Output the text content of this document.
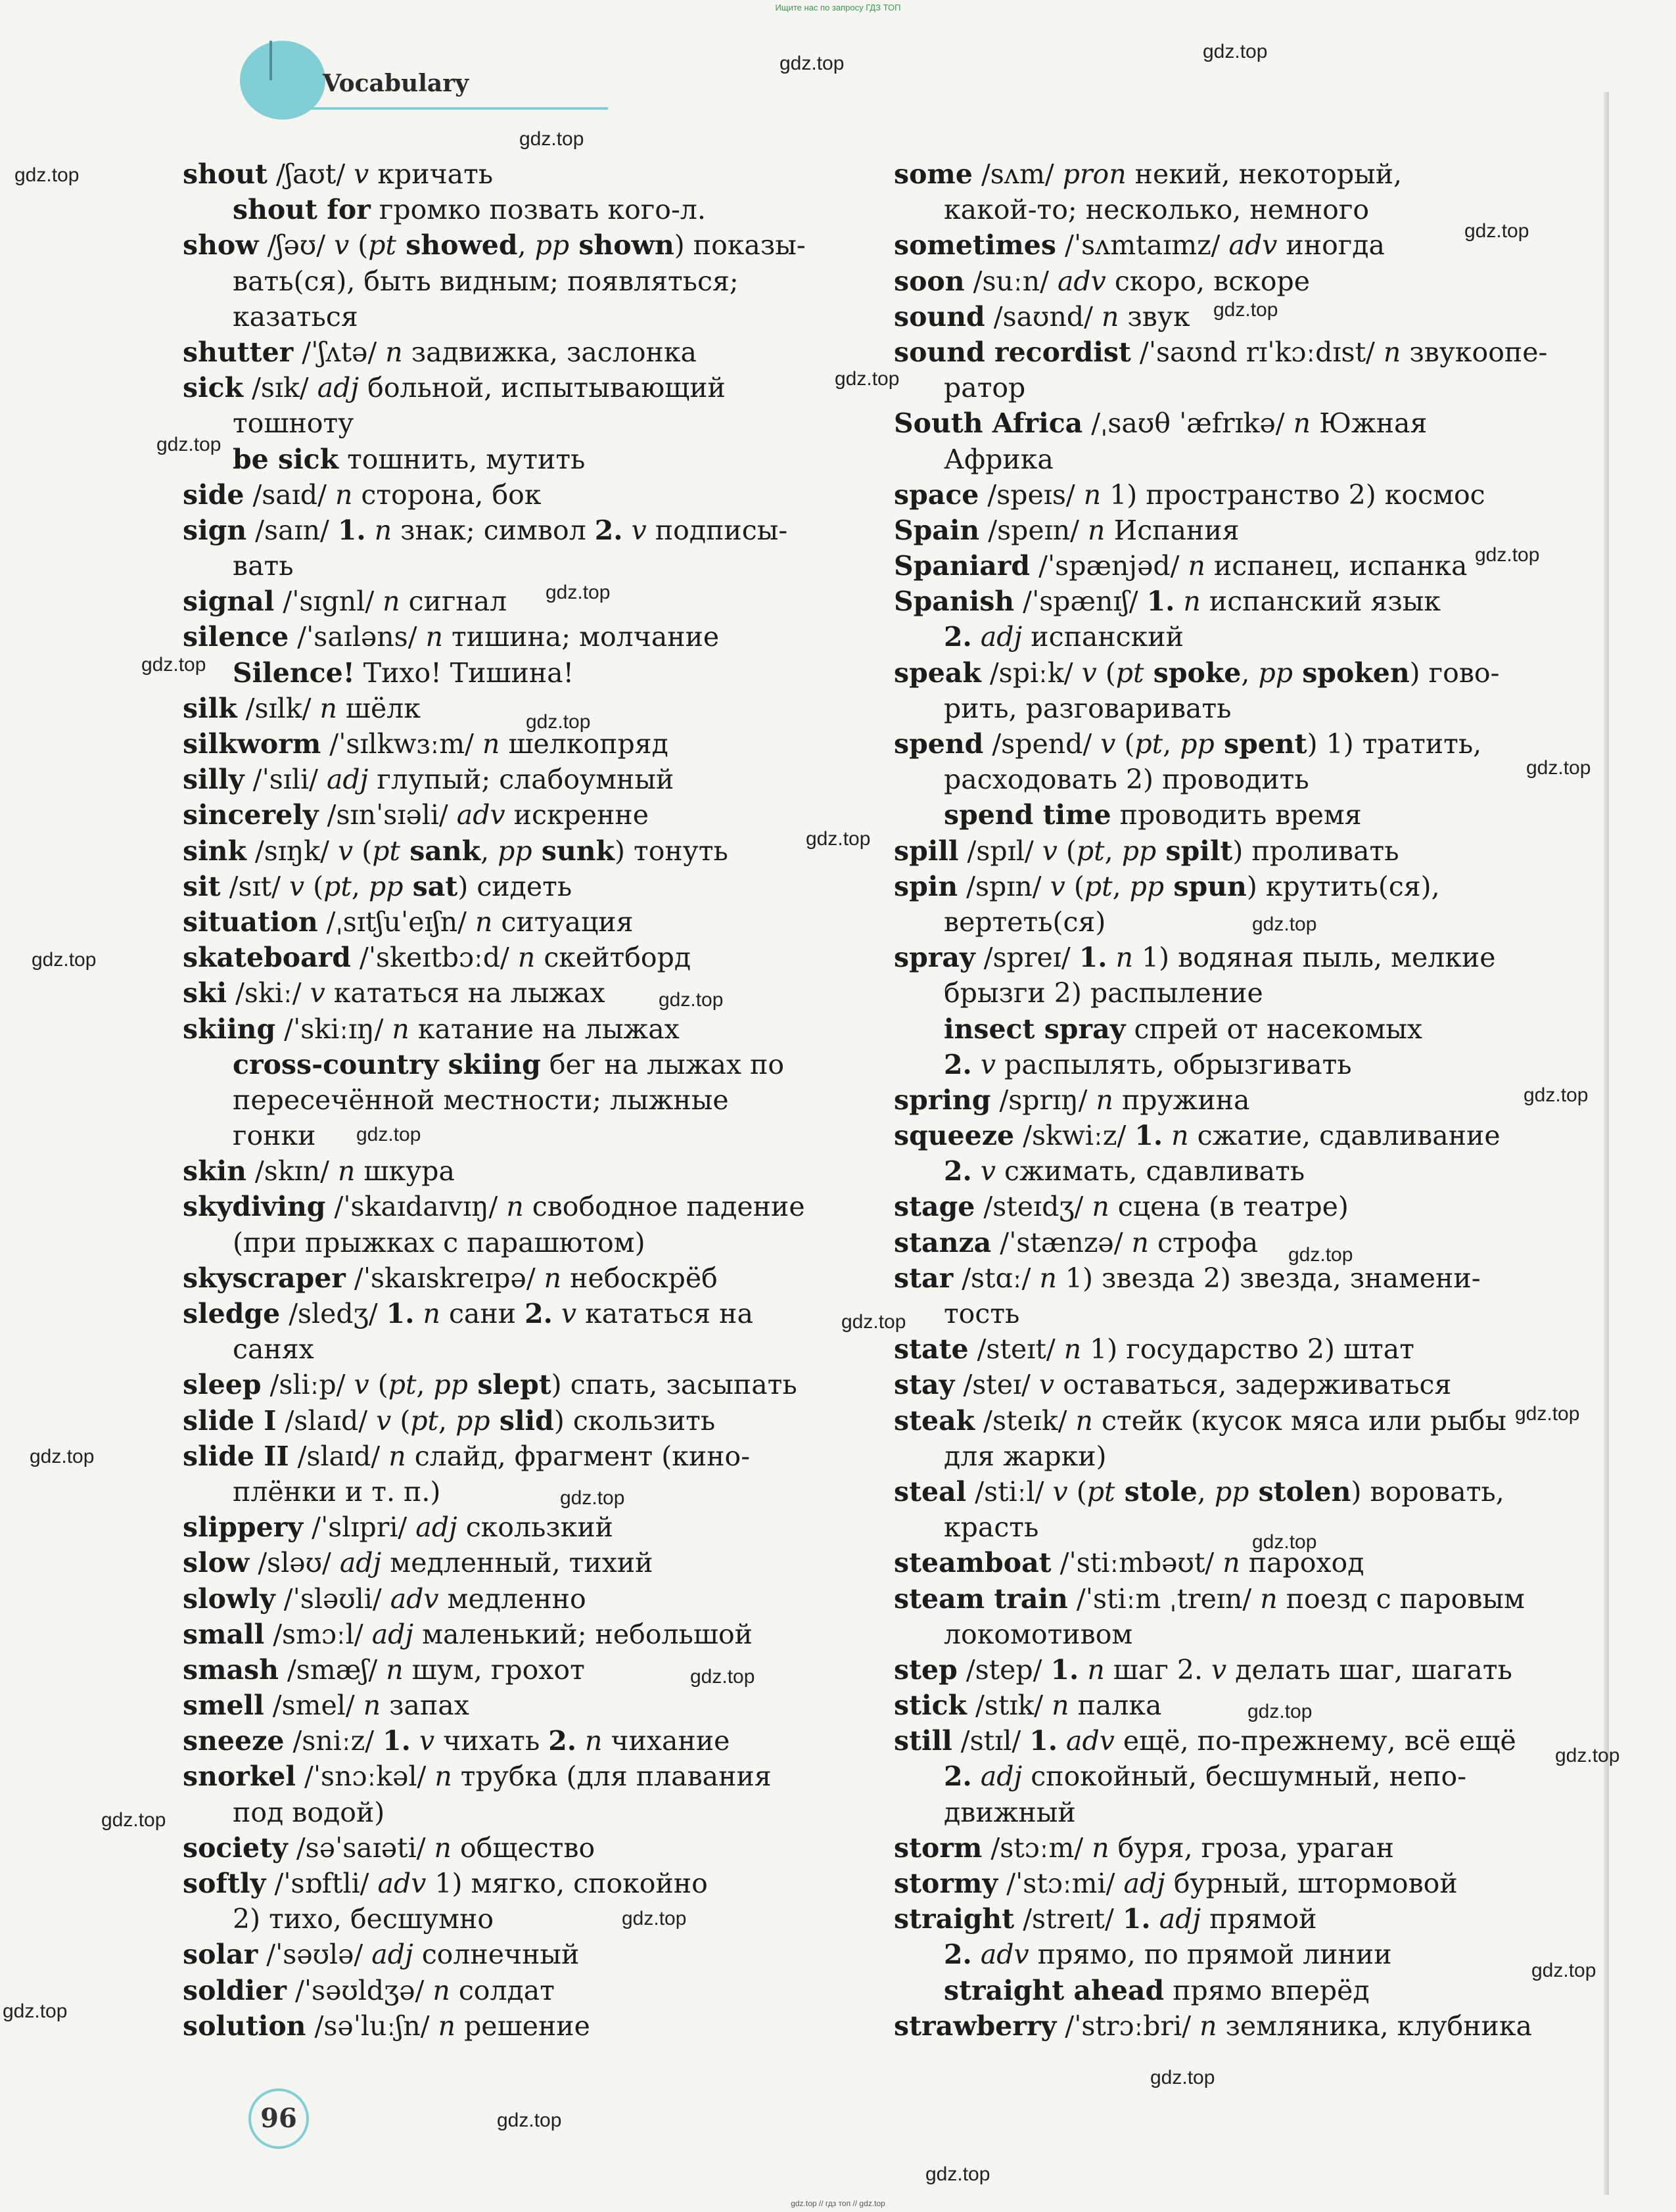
Ищите нас по запросу ГДЗ ТОП
Vocabulary
shout /ʃaʊt/ v кричать
shout for громко позвать кого-л.
show /ʃəʊ/ v (pt showed, pp shown) показы-
вать(ся), быть видным; появляться;
казаться
shutter /ˈʃʌtə/ n задвижка, заслонка
sick /sɪk/ adj больной, испытывающий
тошноту
be sick тошнить, мутить
side /saɪd/ n сторона, бок
sign /saɪn/ 1. n знак; символ 2. v подписы-
вать
signal /ˈsɪgnl/ n сигнал
silence /ˈsaɪləns/ n тишина; молчание
Silence! Тихо! Тишина!
silk /sɪlk/ n шёлк
silkworm /ˈsɪlkwɜːm/ n шелкопряд
silly /ˈsɪli/ adj глупый; слабоумный
sincerely /sɪnˈsɪəli/ adv искренне
sink /sɪŋk/ v (pt sank, pp sunk) тонуть
sit /sɪt/ v (pt, pp sat) сидеть
situation /ˌsɪtʃuˈeɪʃn/ n ситуация
skateboard /ˈskeɪtbɔːd/ n скейтборд
ski /skiː/ v кататься на лыжах
skiing /ˈskiːɪŋ/ n катание на лыжах
cross-country skiing бег на лыжах по
пересечённой местности; лыжные
гонки
skin /skɪn/ n шкура
skydiving /ˈskaɪdaɪvɪŋ/ n свободное падение
(при прыжках с парашютом)
skyscraper /ˈskaɪskreɪpə/ n небоскрёб
sledge /sledʒ/ 1. n сани 2. v кататься на
санях
sleep /sliːp/ v (pt, pp slept) спать, засыпать
slide I /slaɪd/ v (pt, pp slid) скользить
slide II /slaɪd/ n слайд, фрагмент (кино-
плёнки и т. п.)
slippery /ˈslɪpri/ adj скользкий
slow /sləʊ/ adj медленный, тихий
slowly /ˈsləʊli/ adv медленно
small /smɔːl/ adj маленький; небольшой
smash /smæʃ/ n шум, грохот
smell /smel/ n запах
sneeze /sniːz/ 1. v чихать 2. n чихание
snorkel /ˈsnɔːkəl/ n трубка (для плавания
под водой)
society /səˈsaɪəti/ n общество
softly /ˈsɒftli/ adv 1) мягко, спокойно
2) тихо, бесшумно
solar /ˈsəʊlə/ adj солнечный
soldier /ˈsəʊldʒə/ n солдат
solution /səˈluːʃn/ n решение
some /sʌm/ pron некий, некоторый,
какой-то; несколько, немного
sometimes /ˈsʌmtaɪmz/ adv иногда
soon /suːn/ adv скоро, вскоре
sound /saʊnd/ n звук
sound recordist /ˈsaʊnd rɪˈkɔːdɪst/ n звукоопе-
ратор
South Africa /ˌsaʊθ ˈæfrɪkə/ n Южная
Африка
space /speɪs/ n 1) пространство 2) космос
Spain /speɪn/ n Испания
Spaniard /ˈspænjəd/ n испанец, испанка
Spanish /ˈspænɪʃ/ 1. n испанский язык
2. adj испанский
speak /spiːk/ v (pt spoke, pp spoken) гово-
рить, разговаривать
spend /spend/ v (pt, pp spent) 1) тратить,
расходовать 2) проводить
spend time проводить время
spill /spɪl/ v (pt, pp spilt) проливать
spin /spɪn/ v (pt, pp spun) крутить(ся),
вертеть(ся)
spray /spreɪ/ 1. n 1) водяная пыль, мелкие
брызги 2) распыление
insect spray спрей от насекомых
2. v распылять, обрызгивать
spring /sprɪŋ/ n пружина
squeeze /skwiːz/ 1. n сжатие, сдавливание
2. v сжимать, сдавливать
stage /steɪdʒ/ n сцена (в театре)
stanza /ˈstænzə/ n строфа
star /stɑː/ n 1) звезда 2) звезда, знамени-
тость
state /steɪt/ n 1) государство 2) штат
stay /steɪ/ v оставаться, задерживаться
steak /steɪk/ n стейк (кусок мяса или рыбы
для жарки)
steal /stiːl/ v (pt stole, pp stolen) воровать,
красть
steamboat /ˈstiːmbəʊt/ n пароход
steam train /ˈstiːm ˌtreɪn/ n поезд с паровым
локомотивом
step /step/ 1. n шаг 2. v делать шаг, шагать
stick /stɪk/ n палка
still /stɪl/ 1. adv ещё, по-прежнему, всё ещё
2. adj спокойный, бесшумный, непо-
движный
storm /stɔːm/ n буря, гроза, ураган
stormy /ˈstɔːmi/ adj бурный, штормовой
straight /streɪt/ 1. adj прямой
2. adv прямо, по прямой линии
straight ahead прямо вперёд
strawberry /ˈstrɔːbri/ n земляника, клубника
96
gdz.top
gdz.top
gdz.top
gdz.top
gdz.top
gdz.top
gdz.top
gdz.top
gdz.top
gdz.top
gdz.top
gdz.top
gdz.top
gdz.top
gdz.top
gdz.top
gdz.top
gdz.top
gdz.top
gdz.top
gdz.top
gdz.top
gdz.top
gdz.top
gdz.top
gdz.top
gdz.top
gdz.top
gdz.top
gdz.top
gdz.top
gdz.top
gdz.top
gdz.top
gdz.top
gdz.top // гдз топ // gdz.top
